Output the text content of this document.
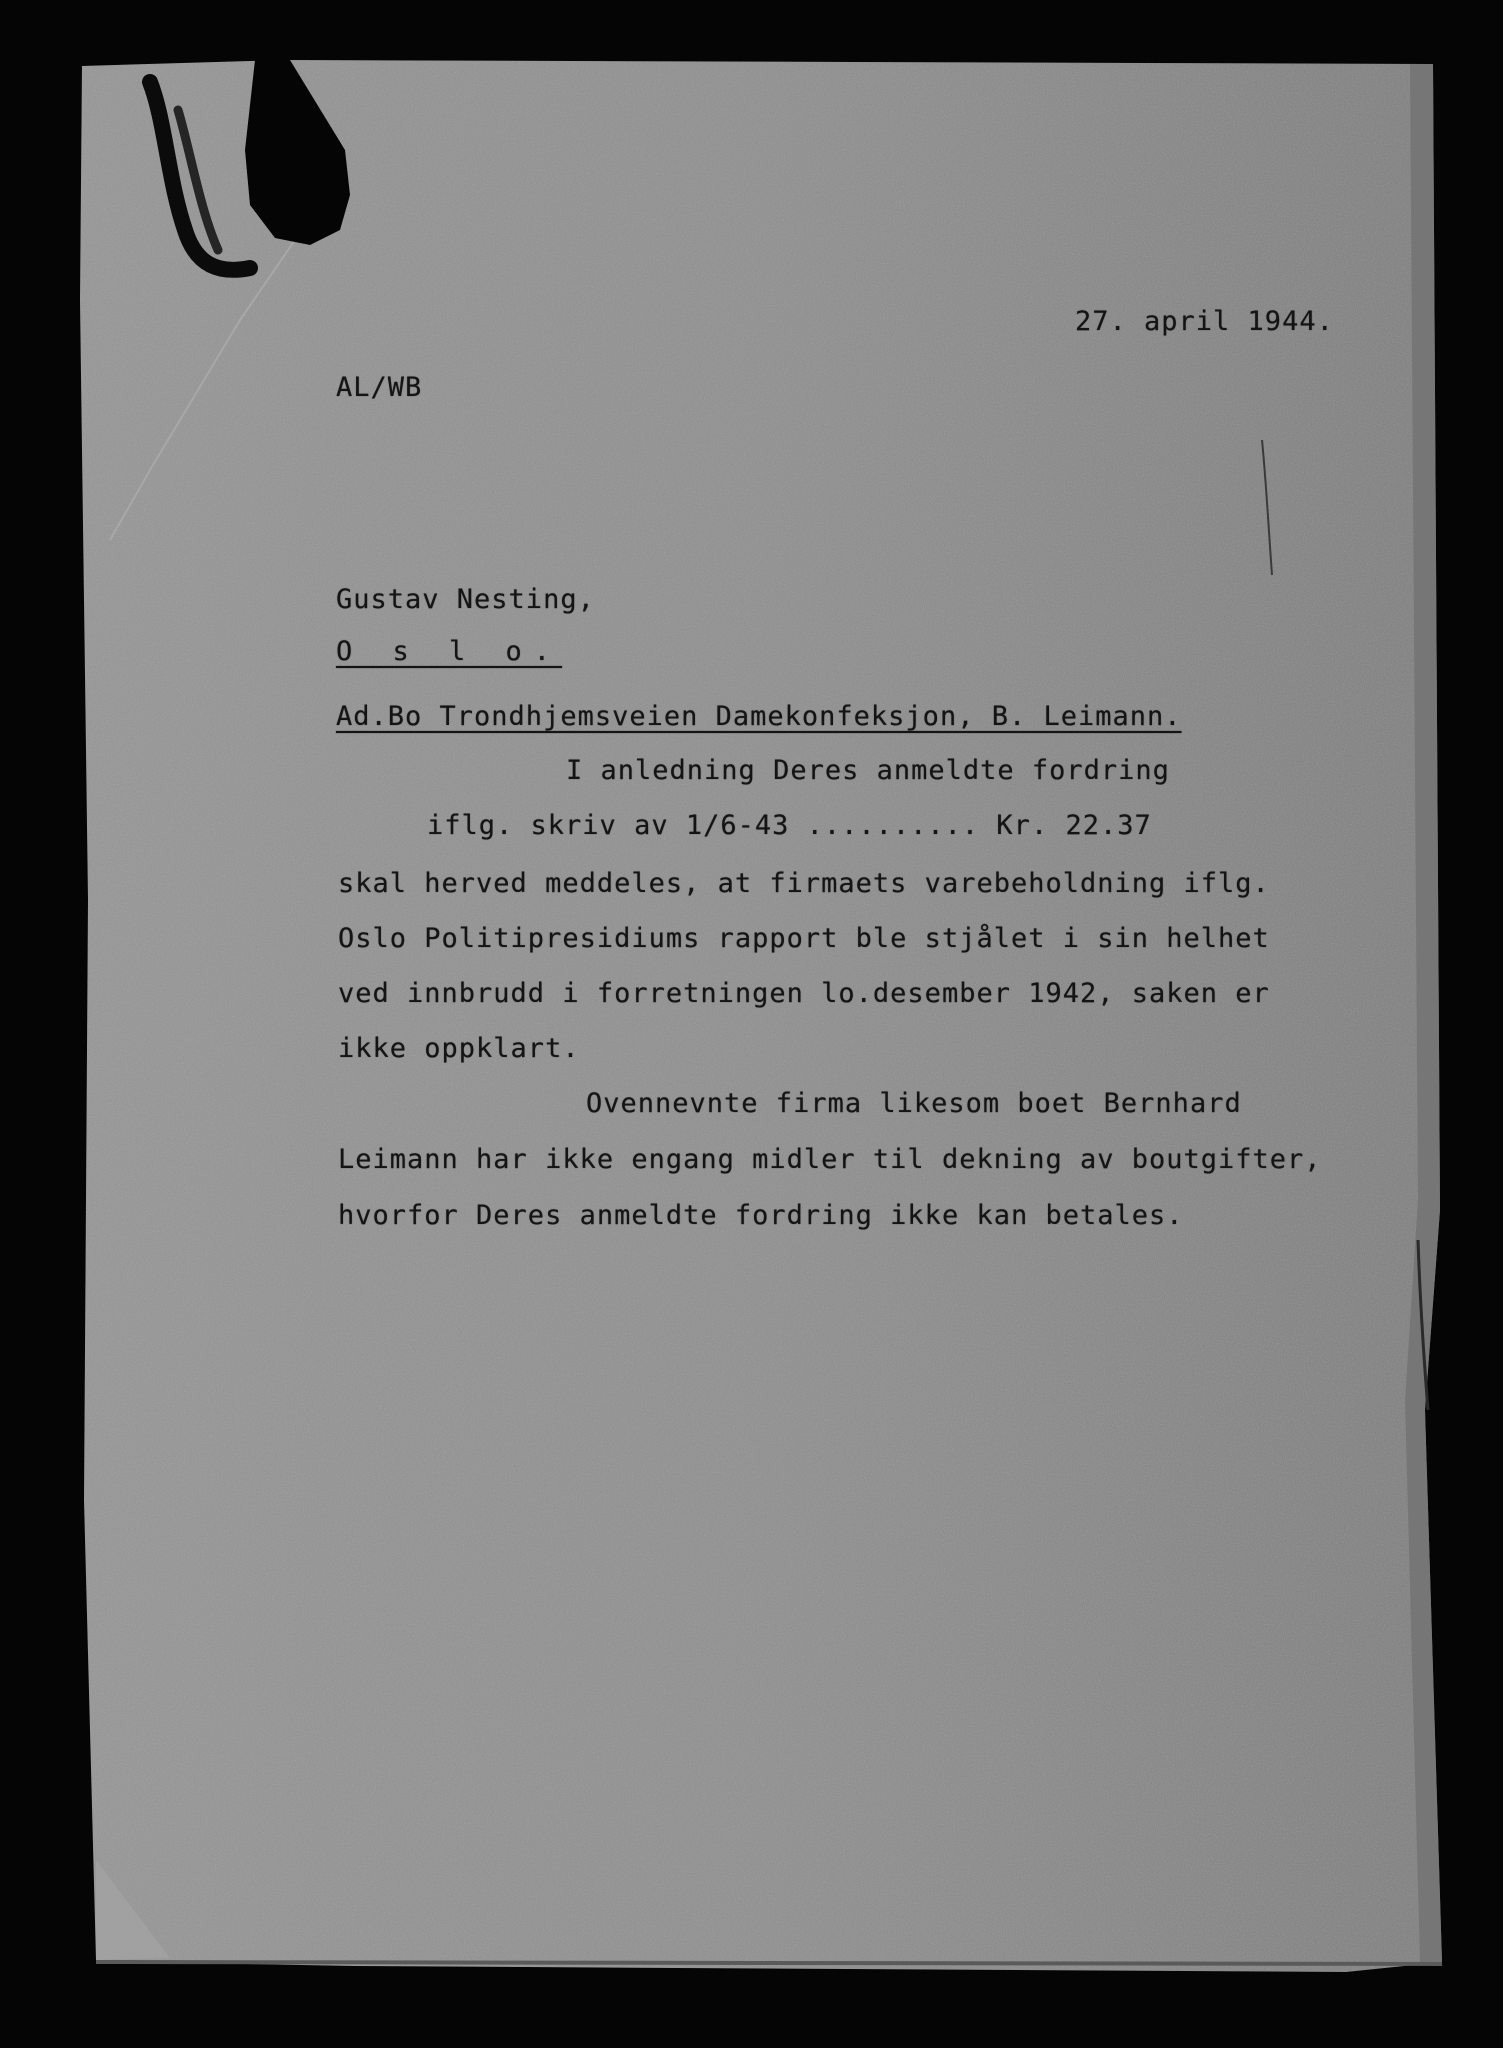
27. april 1944.
AL/WB
Gustav Nesting,
O s l o.
Ad.Bo Trondhjemsveien Damekonfeksjon, B. Leimann.
I anledning Deres anmeldte fordring
iflg. skriv av 1/6-43 .......... Kr. 22.37
skal herved meddeles, at firmaets varebeholdning iflg.
Oslo Politipresidiums rapport ble stjålet i sin helhet
ved innbrudd i forretningen lo.desember 1942, saken er
ikke oppklart.
Ovennevnte firma likesom boet Bernhard
Leimann har ikke engang midler til dekning av boutgifter,
hvorfor Deres anmeldte fordring ikke kan betales.
